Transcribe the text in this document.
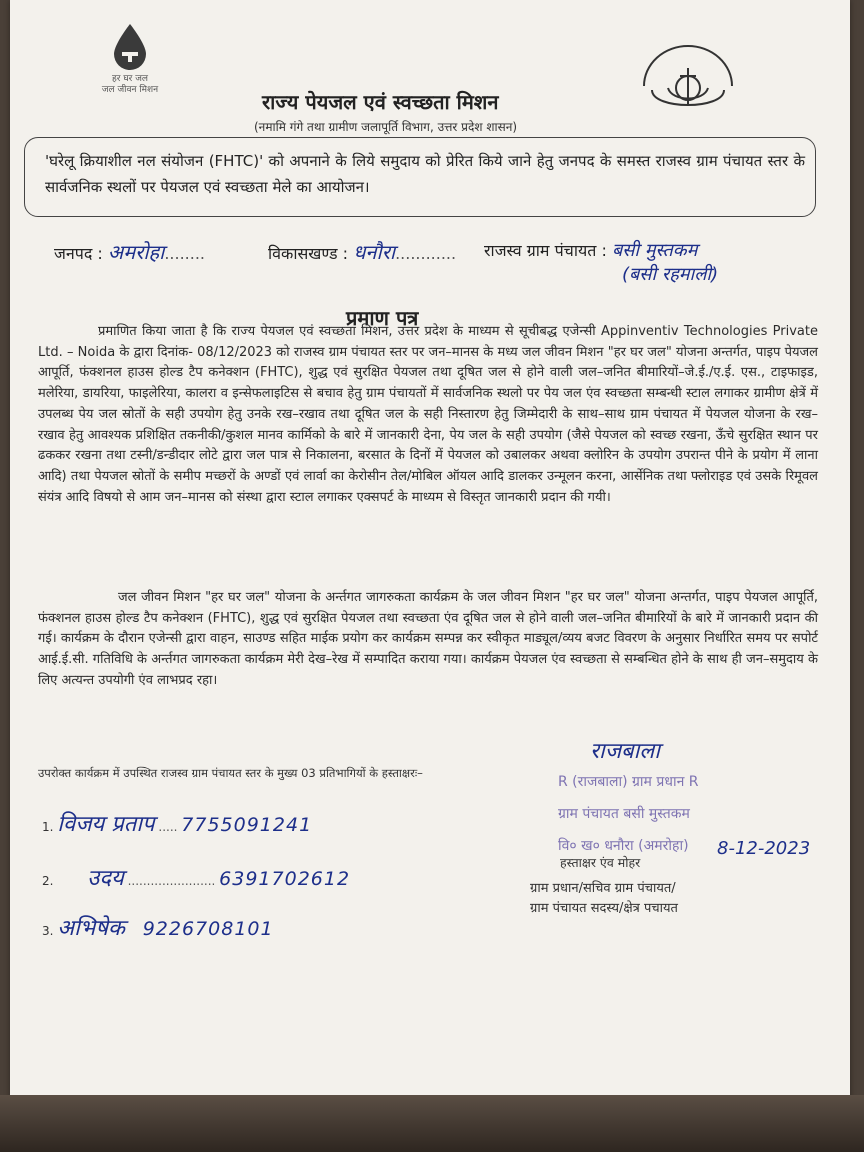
हर घर जल
जल जीवन मिशन	राज्य पेयजल एवं स्वच्छता मिशन
(नमामि गंगे तथा ग्रामीण जलापूर्ति विभाग, उत्तर प्रदेश शासन)
'घरेलू क्रियाशील नल संयोजन (FHTC)' को अपनाने के लिये समुदाय को प्रेरित किये जाने हेतु जनपद के समस्त राजस्व ग्राम पंचायत स्तर के सार्वजनिक स्थलों पर पेयजल एवं स्वच्छता मेले का आयोजन।
जनपद : अमरोहा........	विकासखण्ड : धनौरा............ राजस्व ग्राम पंचायत : बसी मुस्तकम
(बसी रहमाली)
प्रमाण पत्र
प्रमाणित किया जाता है कि राज्य पेयजल एवं स्वच्छता मिशन, उत्तर प्रदेश के माध्यम से सूचीबद्ध एजेन्सी Appinventiv Technologies Private Ltd. – Noida के द्वारा दिनांक- 08/12/2023 को राजस्व ग्राम पंचायत स्तर पर जन–मानस के मध्य जल जीवन मिशन "हर घर जल" योजना अन्तर्गत, पाइप पेयजल आपूर्ति, फंक्शनल हाउस होल्ड टैप कनेक्शन (FHTC), शुद्ध एवं सुरक्षित पेयजल तथा दूषित जल से होने वाली जल–जनित बीमारियों–जे.ई./ए.ई. एस., टाइफाइड, मलेरिया, डायरिया, फाइलेरिया, कालरा व इन्सेफलाइटिस से बचाव हेतु ग्राम पंचायतों में सार्वजनिक स्थलो पर पेय जल एंव स्वच्छता सम्बन्धी स्टाल लगाकर ग्रामीण क्षेत्रें में उपलब्ध पेय जल स्रोतों के सही उपयोग हेतु उनके रख–रखाव तथा दूषित जल के सही निस्तारण हेतु जिम्मेदारी के साथ–साथ ग्राम पंचायत में पेयजल योजना के रख–रखाव हेतु आवश्यक प्रशिक्षित तकनीकी/कुशल मानव कार्मिको के बारे में जानकारी देना, पेय जल के सही उपयोग (जैसे पेयजल को स्वच्छ रखना, ऊँचे सुरक्षित स्थान पर ढककर रखना तथा टस्नी/डन्डीदार लोटे द्वारा जल पात्र से निकालना, बरसात के दिनों में पेयजल को उबालकर अथवा क्लोरिन के उपयोग उपरान्त पीने के प्रयोग में लाना आदि) तथा पेयजल स्रोतों के समीप मच्छरों के अण्डों एवं लार्वा का केरोसीन तेल/मोबिल ऑयल आदि डालकर उन्मूलन करना, आर्सेनिक तथा फ्लोराइड एवं उसके रिमूवल संयंत्र आदि विषयो से आम जन–मानस को संस्था द्वारा स्टाल लगाकर एक्सपर्ट के माध्यम से विस्तृत जानकारी प्रदान की गयी।
जल जीवन मिशन "हर घर जल" योजना के अर्न्तगत जागरुकता कार्यक्रम के जल जीवन मिशन "हर घर जल" योजना अन्तर्गत, पाइप पेयजल आपूर्ति, फंक्शनल हाउस होल्ड टैप कनेक्शन (FHTC), शुद्ध एवं सुरक्षित पेयजल तथा स्वच्छता एंव दूषित जल से होने वाली जल–जनित बीमारियों के बारे में जानकारी प्रदान की गई। कार्यक्रम के दौरान एजेन्सी द्वारा वाहन, साउण्ड सहित माईक प्रयोग कर कार्यक्रम सम्पन्न कर स्वीकृत माड्यूल/व्यय बजट विवरण के अनुसार निर्धारित समय पर सपोर्ट आई.ई.सी. गतिविधि के अर्न्तगत जागरुकता कार्यक्रम मेरी देख–रेख में सम्पादित कराया गया। कार्यक्रम पेयजल एंव स्वच्छता से सम्बन्धित होने के साथ ही जन–समुदाय के लिए अत्यन्त उपयोगी एंव लाभप्रद रहा।
राजबाला
R (राजबाला) ग्राम प्रधान R
ग्राम पंचायत बसी मुस्तकम
वि० ख० धनौरा (अमरोहा)	8-12-2023
उपरोक्त कार्यक्रम में उपस्थित राजस्व ग्राम पंचायत स्तर के मुख्य 03 प्रतिभागियों के हस्ताक्षरः–
1. विजय प्रताप ..... 7755091241
2. उदय ....................... 6391702612
3. अभिषेक 9226708101
हस्ताक्षर एंव मोहर
ग्राम प्रधान/सचिव ग्राम पंचायत/
ग्राम पंचायत सदस्य/क्षेत्र पचायत
